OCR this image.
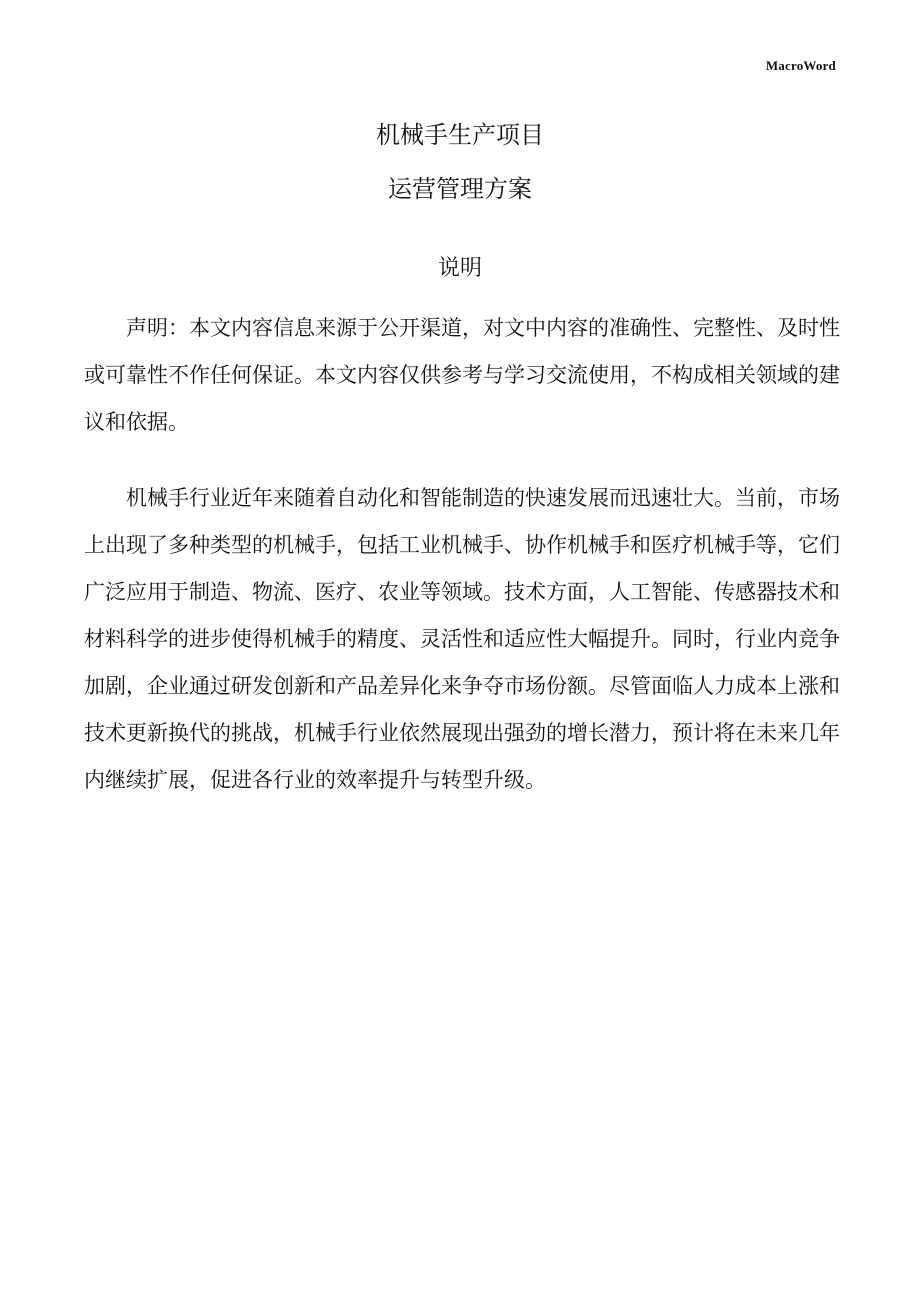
MacroWord
机械手生产项目
运营管理方案
说明

声明：本文内容信息来源于公开渠道，对文中内容的准确性、完整性、及时性或可靠性不作任何保证。本文内容仅供参考与学习交流使用，不构成相关领域的建议和依据。

机械手行业近年来随着自动化和智能制造的快速发展而迅速壮大。当前，市场上出现了多种类型的机械手，包括工业机械手、协作机械手和医疗机械手等，它们广泛应用于制造、物流、医疗、农业等领域。技术方面，人工智能、传感器技术和材料科学的进步使得机械手的精度、灵活性和适应性大幅提升。同时，行业内竞争加剧，企业通过研发创新和产品差异化来争夺市场份额。尽管面临人力成本上涨和技术更新换代的挑战，机械手行业依然展现出强劲的增长潜力，预计将在未来几年内继续扩展，促进各行业的效率提升与转型升级。
